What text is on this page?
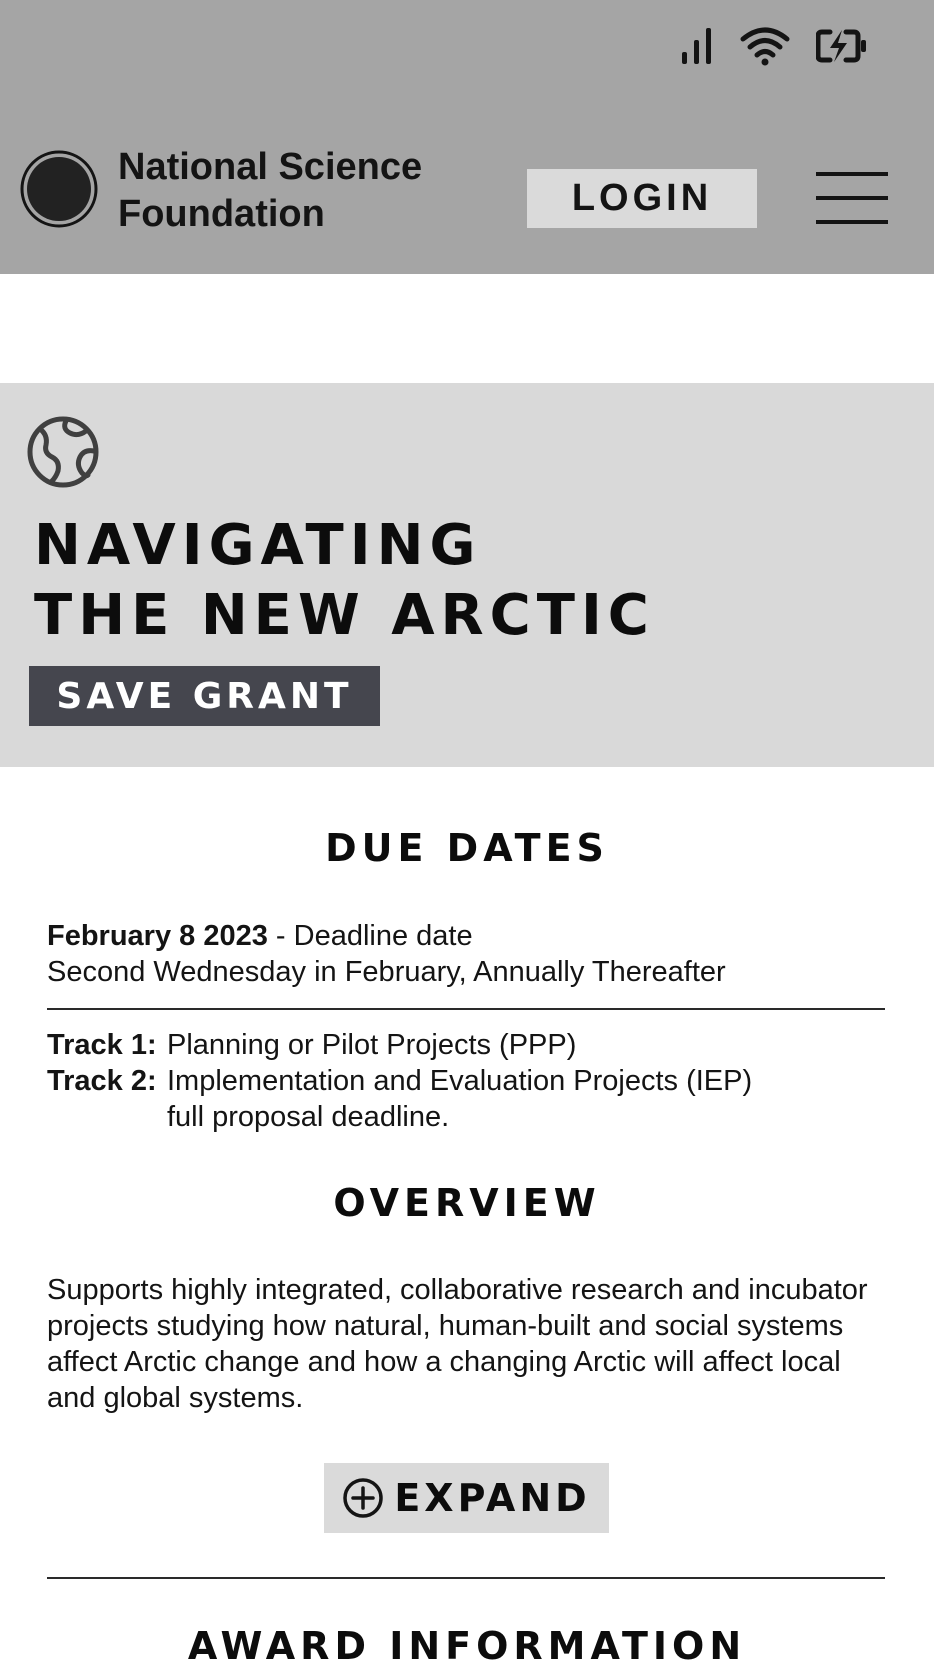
National Science
Foundation	LOGIN
NAVIGATING
THE NEW ARCTIC
SAVE GRANT
DUE DATES

February 8 2023 - Deadline date

Second Wednesday in February, Annually Thereafter

Track 1: Planning or Pilot Projects (PPP)
Track 2: Implementation and Evaluation Projects (IEP)
full proposal deadline.
OVERVIEW

Supports highly integrated, collaborative research and incubator projects studying how natural, human-built and social systems affect Arctic change and how a changing Arctic will affect local and global systems.

EXPAND
AWARD INFORMATION
